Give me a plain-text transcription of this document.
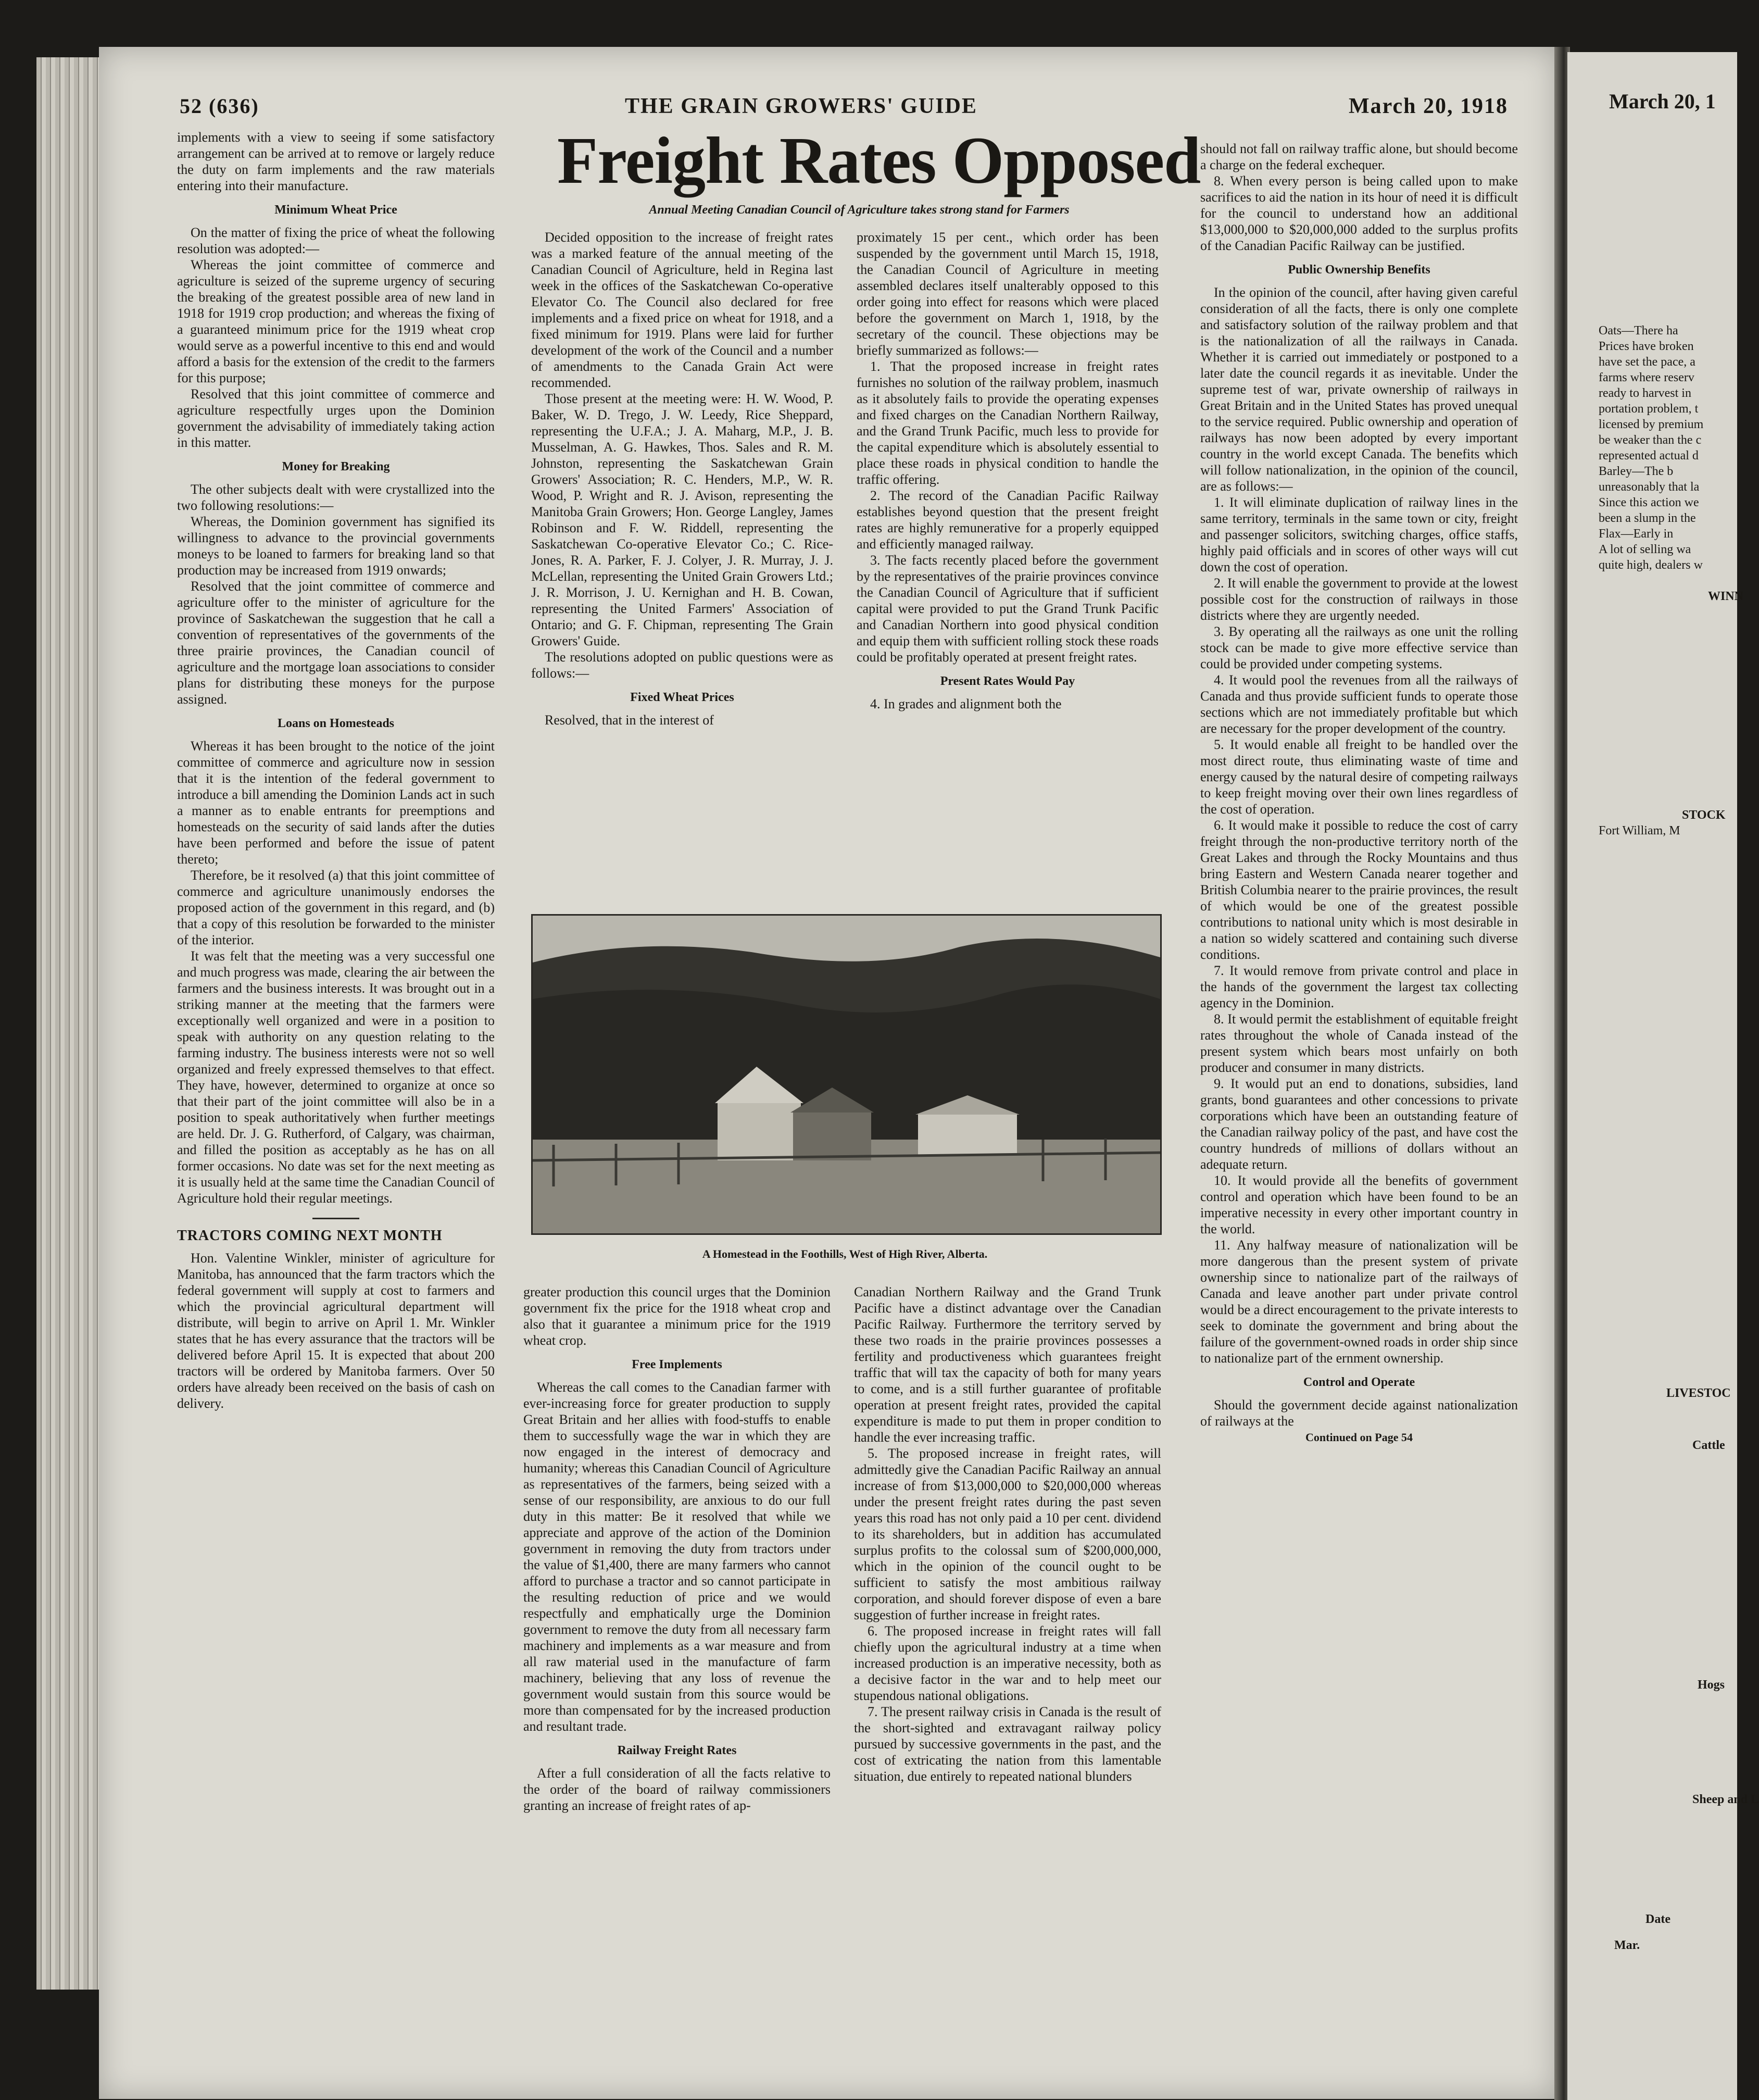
52 (636)	THE GRAIN GROWERS' GUIDE	March 20, 1918
Freight Rates Opposed
Annual Meeting Canadian Council of Agriculture takes strong stand for Farmers

implements with a view to seeing if some satisfactory arrangement can be arrived at to remove or largely reduce the duty on farm implements and the raw materials entering into their manufacture.

Minimum Wheat Price

On the matter of fixing the price of wheat the following resolution was adopted:—

Whereas the joint committee of commerce and agriculture is seized of the supreme urgency of securing the breaking of the greatest possible area of new land in 1918 for 1919 crop production; and whereas the fixing of a guaranteed minimum price for the 1919 wheat crop would serve as a powerful incentive to this end and would afford a basis for the extension of the credit to the farmers for this purpose;

Resolved that this joint committee of commerce and agriculture respectfully urges upon the Dominion government the advisability of immediately taking action in this matter.

Money for Breaking

The other subjects dealt with were crystallized into the two following resolutions:—

Whereas, the Dominion government has signified its willingness to advance to the provincial governments moneys to be loaned to farmers for breaking land so that production may be increased from 1919 onwards;

Resolved that the joint committee of commerce and agriculture offer to the minister of agriculture for the province of Saskatchewan the suggestion that he call a convention of representatives of the governments of the three prairie provinces, the Canadian council of agriculture and the mortgage loan associations to consider plans for distributing these moneys for the purpose assigned.

Loans on Homesteads

Whereas it has been brought to the notice of the joint committee of commerce and agriculture now in session that it is the intention of the federal government to introduce a bill amending the Dominion Lands act in such a manner as to enable entrants for preemptions and homesteads on the security of said lands after the duties have been performed and before the issue of patent thereto;

Therefore, be it resolved (a) that this joint committee of commerce and agriculture unanimously endorses the proposed action of the government in this regard, and (b) that a copy of this resolution be forwarded to the minister of the interior.

It was felt that the meeting was a very successful one and much progress was made, clearing the air between the farmers and the business interests. It was brought out in a striking manner at the meeting that the farmers were exceptionally well organized and were in a position to speak with authority on any question relating to the farming industry. The business interests were not so well organized and freely expressed themselves to that effect. They have, however, determined to organize at once so that their part of the joint committee will also be in a position to speak authoritatively when further meetings are held. Dr. J. G. Rutherford, of Calgary, was chairman, and filled the position as acceptably as he has on all former occasions. No date was set for the next meeting as it is usually held at the same time the Canadian Council of Agriculture hold their regular meetings.

TRACTORS COMING NEXT MONTH

Hon. Valentine Winkler, minister of agriculture for Manitoba, has announced that the farm tractors which the federal government will supply at cost to farmers and which the provincial agricultural department will distribute, will begin to arrive on April 1. Mr. Winkler states that he has every assurance that the tractors will be delivered before April 15. It is expected that about 200 tractors will be ordered by Manitoba farmers. Over 50 orders have already been received on the basis of cash on delivery.

Decided opposition to the increase of freight rates was a marked feature of the annual meeting of the Canadian Council of Agriculture, held in Regina last week in the offices of the Saskatchewan Co-operative Elevator Co. The Council also declared for free implements and a fixed price on wheat for 1918, and a fixed minimum for 1919. Plans were laid for further development of the work of the Council and a number of amendments to the Canada Grain Act were recommended.

Those present at the meeting were: H. W. Wood, P. Baker, W. D. Trego, J. W. Leedy, Rice Sheppard, representing the U.F.A.; J. A. Maharg, M.P., J. B. Musselman, A. G. Hawkes, Thos. Sales and R. M. Johnston, representing the Saskatchewan Grain Growers' Association; R. C. Henders, M.P., W. R. Wood, P. Wright and R. J. Avison, representing the Manitoba Grain Growers; Hon. George Langley, James Robinson and F. W. Riddell, representing the Saskatchewan Co-operative Elevator Co.; C. Rice-Jones, R. A. Parker, F. J. Colyer, J. R. Murray, J. J. McLellan, representing the United Grain Growers Ltd.; J. R. Morrison, J. U. Kernighan and H. B. Cowan, representing the United Farmers' Association of Ontario; and G. F. Chipman, representing The Grain Growers' Guide.

The resolutions adopted on public questions were as follows:—

Fixed Wheat Prices

Resolved, that in the interest of

proximately 15 per cent., which order has been suspended by the government until March 15, 1918, the Canadian Council of Agriculture in meeting assembled declares itself unalterably opposed to this order going into effect for reasons which were placed before the government on March 1, 1918, by the secretary of the council. These objections may be briefly summarized as follows:—

1. That the proposed increase in freight rates furnishes no solution of the railway problem, inasmuch as it absolutely fails to provide the operating expenses and fixed charges on the Canadian Northern Railway, and the Grand Trunk Pacific, much less to provide for the capital expenditure which is absolutely essential to place these roads in physical condition to handle the traffic offering.

2. The record of the Canadian Pacific Railway establishes beyond question that the present freight rates are highly remunerative for a properly equipped and efficiently managed railway.

3. The facts recently placed before the government by the representatives of the prairie provinces convince the Canadian Council of Agriculture that if sufficient capital were provided to put the Grand Trunk Pacific and Canadian Northern into good physical condition and equip them with sufficient rolling stock these roads could be profitably operated at present freight rates.

Present Rates Would Pay

4. In grades and alignment both the

A Homestead in the Foothills, West of High River, Alberta.

greater production this council urges that the Dominion government fix the price for the 1918 wheat crop and also that it guarantee a minimum price for the 1919 wheat crop.

Free Implements

Whereas the call comes to the Canadian farmer with ever-increasing force for greater production to supply Great Britain and her allies with food-stuffs to enable them to successfully wage the war in which they are now engaged in the interest of democracy and humanity; whereas this Canadian Council of Agriculture as representatives of the farmers, being seized with a sense of our responsibility, are anxious to do our full duty in this matter: Be it resolved that while we appreciate and approve of the action of the Dominion government in removing the duty from tractors under the value of $1,400, there are many farmers who cannot afford to purchase a tractor and so cannot participate in the resulting reduction of price and we would respectfully and emphatically urge the Dominion government to remove the duty from all necessary farm machinery and implements as a war measure and from all raw material used in the manufacture of farm machinery, believing that any loss of revenue the government would sustain from this source would be more than compensated for by the increased production and resultant trade.

Railway Freight Rates

After a full consideration of all the facts relative to the order of the board of railway commissioners granting an increase of freight rates of ap-

Canadian Northern Railway and the Grand Trunk Pacific have a distinct advantage over the Canadian Pacific Railway. Furthermore the territory served by these two roads in the prairie provinces possesses a fertility and productiveness which guarantees freight traffic that will tax the capacity of both for many years to come, and is a still further guarantee of profitable operation at present freight rates, provided the capital expenditure is made to put them in proper condition to handle the ever increasing traffic.

5. The proposed increase in freight rates, will admittedly give the Canadian Pacific Railway an annual increase of from $13,000,000 to $20,000,000 whereas under the present freight rates during the past seven years this road has not only paid a 10 per cent. dividend to its shareholders, but in addition has accumulated surplus profits to the colossal sum of $200,000,000, which in the opinion of the council ought to be sufficient to satisfy the most ambitious railway corporation, and should forever dispose of even a bare suggestion of further increase in freight rates.

6. The proposed increase in freight rates will fall chiefly upon the agricultural industry at a time when increased production is an imperative necessity, both as a decisive factor in the war and to help meet our stupendous national obligations.

7. The present railway crisis in Canada is the result of the short-sighted and extravagant railway policy pursued by successive governments in the past, and the cost of extricating the nation from this lamentable situation, due entirely to repeated national blunders

should not fall on railway traffic alone, but should become a charge on the federal exchequer.

8. When every person is being called upon to make sacrifices to aid the nation in its hour of need it is difficult for the council to understand how an additional $13,000,000 to $20,000,000 added to the surplus profits of the Canadian Pacific Railway can be justified.

Public Ownership Benefits

In the opinion of the council, after having given careful consideration of all the facts, there is only one complete and satisfactory solution of the railway problem and that is the nationalization of all the railways in Canada. Whether it is carried out immediately or postponed to a later date the council regards it as inevitable. Under the supreme test of war, private ownership of railways in Great Britain and in the United States has proved unequal to the service required. Public ownership and operation of railways has now been adopted by every important country in the world except Canada. The benefits which will follow nationalization, in the opinion of the council, are as follows:—

1. It will eliminate duplication of railway lines in the same territory, terminals in the same town or city, freight and passenger solicitors, switching charges, office staffs, highly paid officials and in scores of other ways will cut down the cost of operation.

2. It will enable the government to provide at the lowest possible cost for the construction of railways in those districts where they are urgently needed.

3. By operating all the railways as one unit the rolling stock can be made to give more effective service than could be provided under competing systems.

4. It would pool the revenues from all the railways of Canada and thus provide sufficient funds to operate those sections which are not immediately profitable but which are necessary for the proper development of the country.

5. It would enable all freight to be handled over the most direct route, thus eliminating waste of time and energy caused by the natural desire of competing railways to keep freight moving over their own lines regardless of the cost of operation.

6. It would make it possible to reduce the cost of carry freight through the non-productive territory north of the Great Lakes and through the Rocky Mountains and thus bring Eastern and Western Canada nearer together and British Columbia nearer to the prairie provinces, the result of which would be one of the greatest possible contributions to national unity which is most desirable in a nation so widely scattered and containing such diverse conditions.

7. It would remove from private control and place in the hands of the government the largest tax collecting agency in the Dominion.

8. It would permit the establishment of equitable freight rates throughout the whole of Canada instead of the present system which bears most unfairly on both producer and consumer in many districts.

9. It would put an end to donations, subsidies, land grants, bond guarantees and other concessions to private corporations which have been an outstanding feature of the Canadian railway policy of the past, and have cost the country hundreds of millions of dollars without an adequate return.

10. It would provide all the benefits of government control and operation which have been found to be an imperative necessity in every other important country in the world.

11. Any halfway measure of nationalization will be more dangerous than the present system of private ownership since to nationalize part of the railways of Canada and leave another part under private control would be a direct encouragement to the private interests to seek to dominate the government and bring about the failure of the government-owned roads in order ship since to nationalize part of the ernment ownership.

Control and Operate

Should the government decide against nationalization of railways at the

Continued on Page 54

March 20, 1
Oats—There ha
Prices have broken
have set the pace, a
farms where reserv
ready to harvest in
portation problem, t
licensed by premium
be weaker than the c
represented actual d
Barley—The b
unreasonably that la
Since this action we
been a slump in the
Flax—Early in
A lot of selling wa
quite high, dealers w
WINN
STOCK
Fort William, M
LIVESTOC
Cattle
Hogs
Sheep and L
Date
Mar.
